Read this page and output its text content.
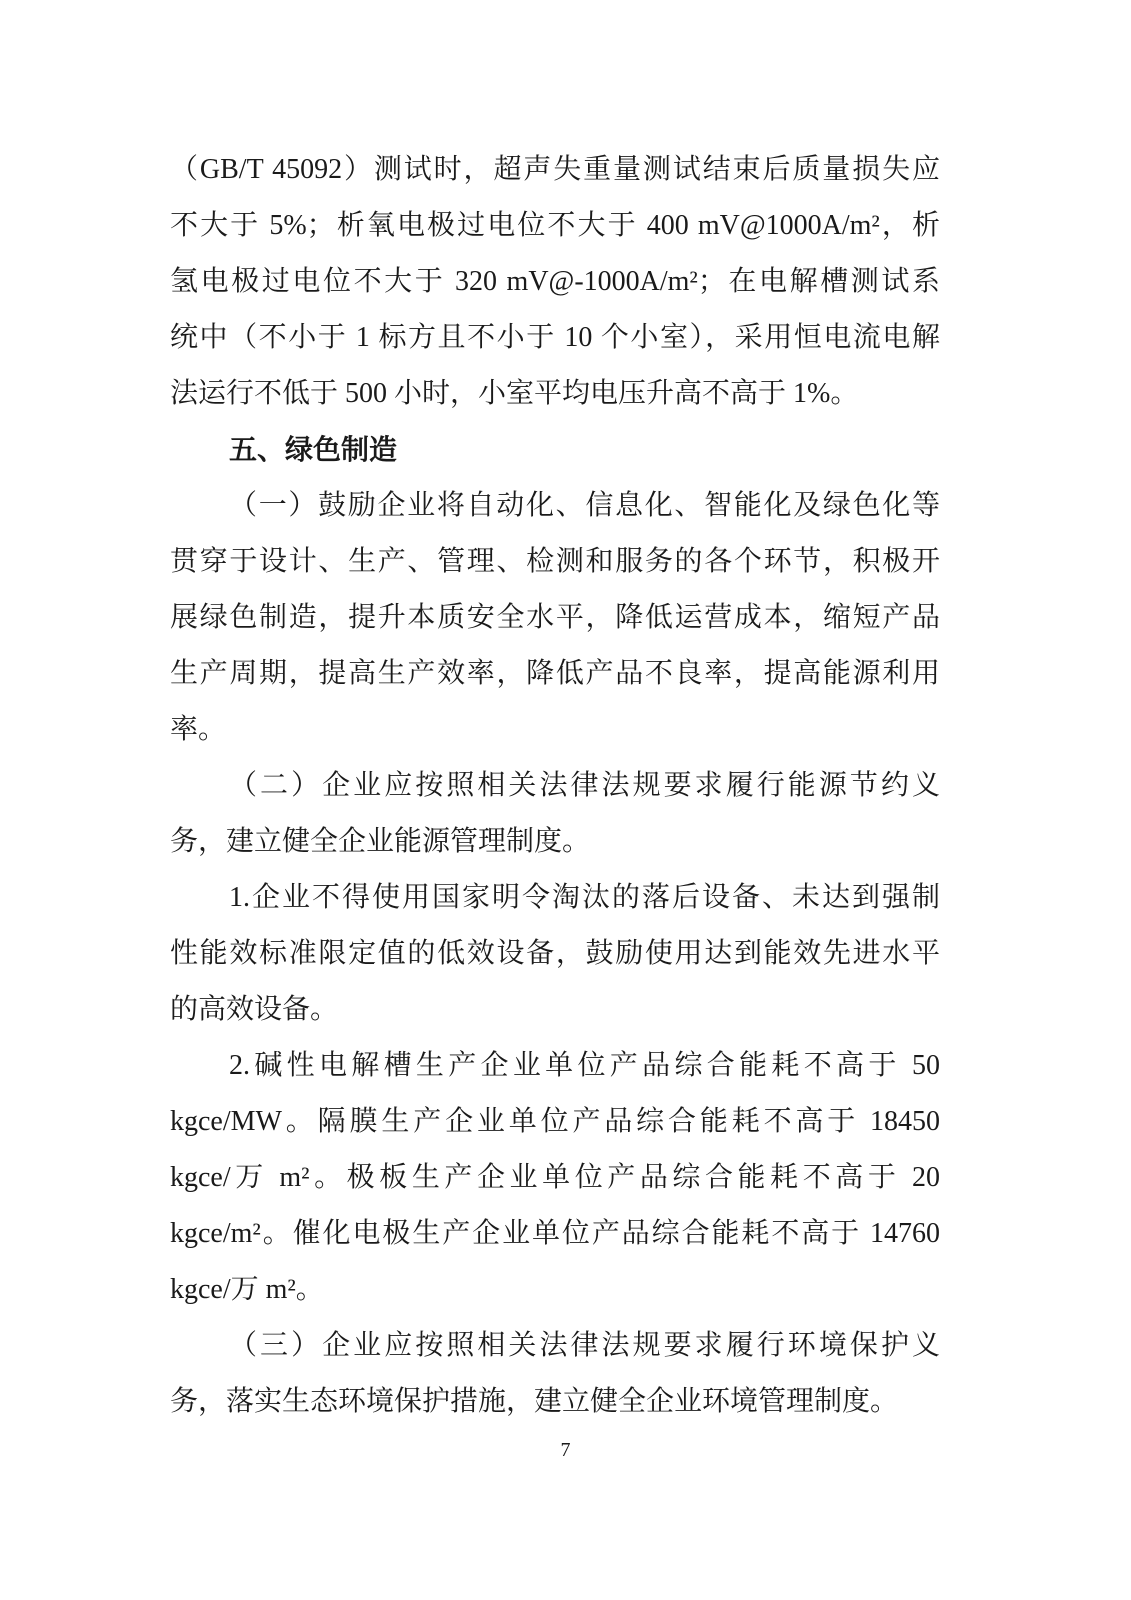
（GB/T 45092）测试时，超声失重量测试结束后质量损失应
不大于 5%；析氧电极过电位不大于 400 mV@1000A/m²，析
氢电极过电位不大于 320 mV@-1000A/m²；在电解槽测试系
统中（不小于 1 标方且不小于 10 个小室），采用恒电流电解
法运行不低于 500 小时，小室平均电压升高不高于 1%。
五、绿色制造
（一）鼓励企业将自动化、信息化、智能化及绿色化等
贯穿于设计、生产、管理、检测和服务的各个环节，积极开
展绿色制造，提升本质安全水平，降低运营成本，缩短产品
生产周期，提高生产效率，降低产品不良率，提高能源利用
率。
（二）企业应按照相关法律法规要求履行能源节约义
务，建立健全企业能源管理制度。
1.企业不得使用国家明令淘汰的落后设备、未达到强制
性能效标准限定值的低效设备，鼓励使用达到能效先进水平
的高效设备。
2.碱性电解槽生产企业单位产品综合能耗不高于 50
kgce/MW。隔膜生产企业单位产品综合能耗不高于 18450
kgce/万 m²。极板生产企业单位产品综合能耗不高于 20
kgce/m²。催化电极生产企业单位产品综合能耗不高于 14760
kgce/万 m²。
（三）企业应按照相关法律法规要求履行环境保护义
务，落实生态环境保护措施，建立健全企业环境管理制度。
7
